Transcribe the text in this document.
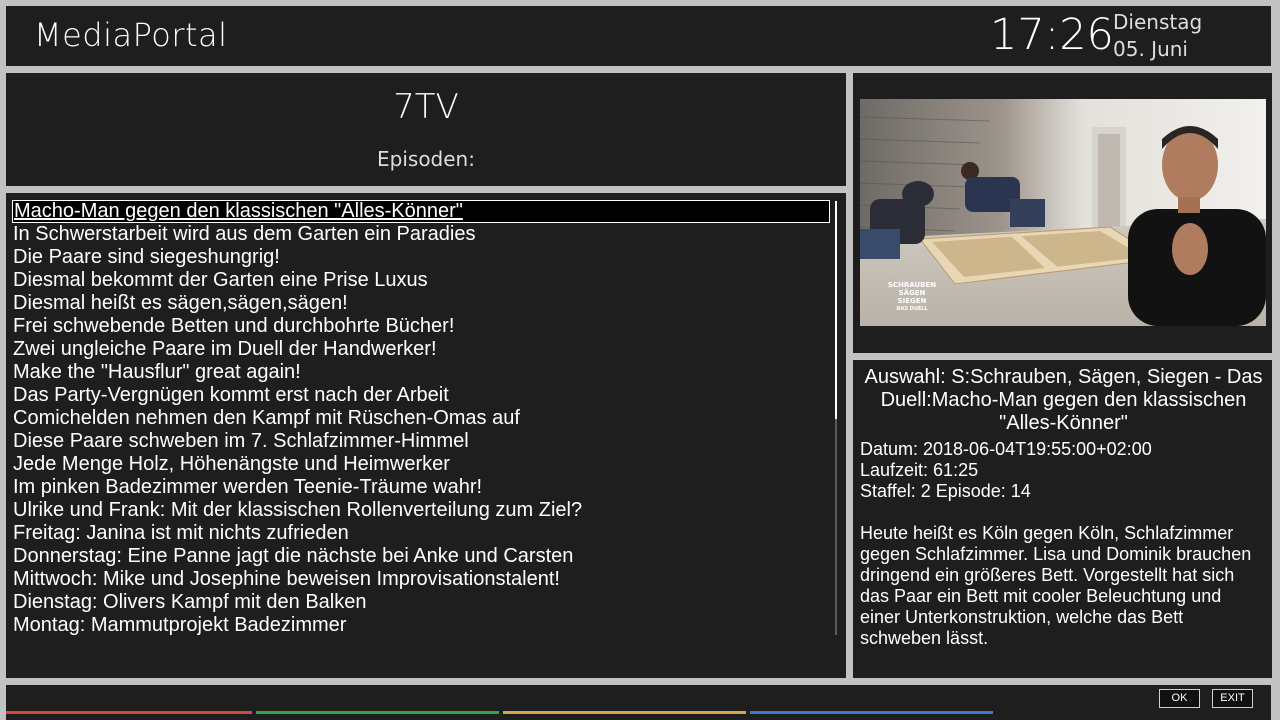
MediaPortal	17:26 Dienstag
05. Juni
7TV
Episoden:
Macho-Man gegen den klassischen "Alles-Könner"
In Schwerstarbeit wird aus dem Garten ein Paradies
Die Paare sind siegeshungrig!
Diesmal bekommt der Garten eine Prise Luxus
Diesmal heißt es sägen,sägen,sägen!
Frei schwebende Betten und durchbohrte Bücher!
Zwei ungleiche Paare im Duell der Handwerker!
Make the "Hausflur" great again!
Das Party-Vergnügen kommt erst nach der Arbeit
Comichelden nehmen den Kampf mit Rüschen-Omas auf
Diese Paare schweben im 7. Schlafzimmer-Himmel
Jede Menge Holz, Höhenängste und Heimwerker
Im pinken Badezimmer werden Teenie-Träume wahr!
Ulrike und Frank: Mit der klassischen Rollenverteilung zum Ziel?
Freitag: Janina ist mit nichts zufrieden
Donnerstag: Eine Panne jagt die nächste bei Anke und Carsten
Mittwoch: Mike und Josephine beweisen Improvisationstalent!
Dienstag: Olivers Kampf mit den Balken
Montag: Mammutprojekt Badezimmer
SCHRAUBEN
SÄGEN
SIEGEN
DAS DUELL
Auswahl: S:Schrauben, Sägen, Siegen - Das Duell:Macho-Man gegen den klassischen "Alles-Könner"
Datum: 2018-06-04T19:55:00+02:00
Laufzeit: 61:25
Staffel: 2 Episode: 14
Heute heißt es Köln gegen Köln, Schlafzimmer gegen Schlafzimmer. Lisa und Dominik brauchen dringend ein größeres Bett. Vorgestellt hat sich das Paar ein Bett mit cooler Beleuchtung und einer Unterkonstruktion, welche das Bett schweben lässt.
OK	EXIT
